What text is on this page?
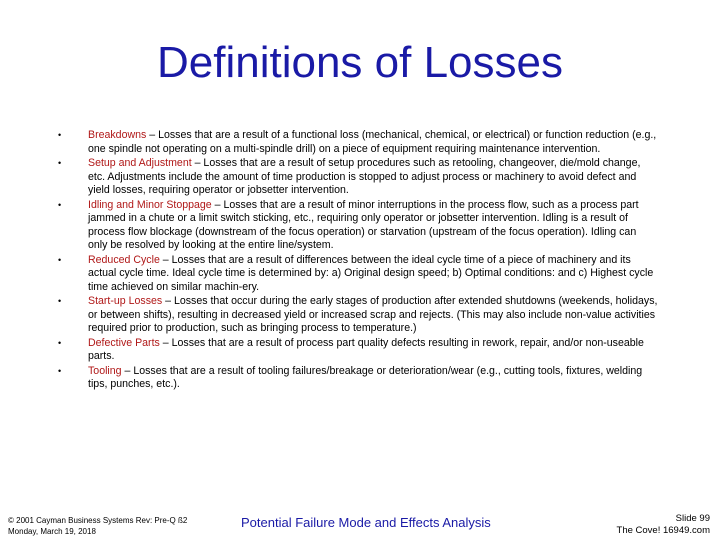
Definitions of Losses
•	Breakdowns – Losses that are a result of a functional loss (mechanical, chemical, or electrical) or function reduction (e.g., one spindle not operating on a multi-spindle drill) on a piece of equipment requiring maintenance intervention.
•	Setup and Adjustment – Losses that are a result of setup procedures such as retooling, changeover, die/mold change, etc. Adjustments include the amount of time production is stopped to adjust process or machinery to avoid defect and yield losses, requiring operator or jobsetter intervention.
•	Idling and Minor Stoppage – Losses that are a result of minor interruptions in the process flow, such as a process part jammed in a chute or a limit switch sticking, etc., requiring only operator or jobsetter intervention. Idling is a result of process flow blockage (downstream of the focus operation) or starvation (upstream of the focus operation). Idling can only be resolved by looking at the entire line/system.
•	Reduced Cycle – Losses that are a result of differences between the ideal cycle time of a piece of machinery and its actual cycle time. Ideal cycle time is determined by: a) Original design speed; b) Optimal conditions: and c) Highest cycle time achieved on similar machin-ery.
•	Start-up Losses – Losses that occur during the early stages of production after extended shutdowns (weekends, holidays, or between shifts), resulting in decreased yield or increased scrap and rejects. (This may also include non-value activities required prior to production, such as bringing process to temperature.)
•	Defective Parts – Losses that are a result of process part quality defects resulting in rework, repair, and/or non-useable parts.
•	Tooling – Losses that are a result of tooling failures/breakage or deterioration/wear (e.g., cutting tools, fixtures, welding tips, punches, etc.).
© 2001 Cayman Business Systems Rev: Pre-Q ß2
Monday, March 19, 2018
Potential Failure Mode and Effects Analysis	Slide 99
The Cove! 16949.com
